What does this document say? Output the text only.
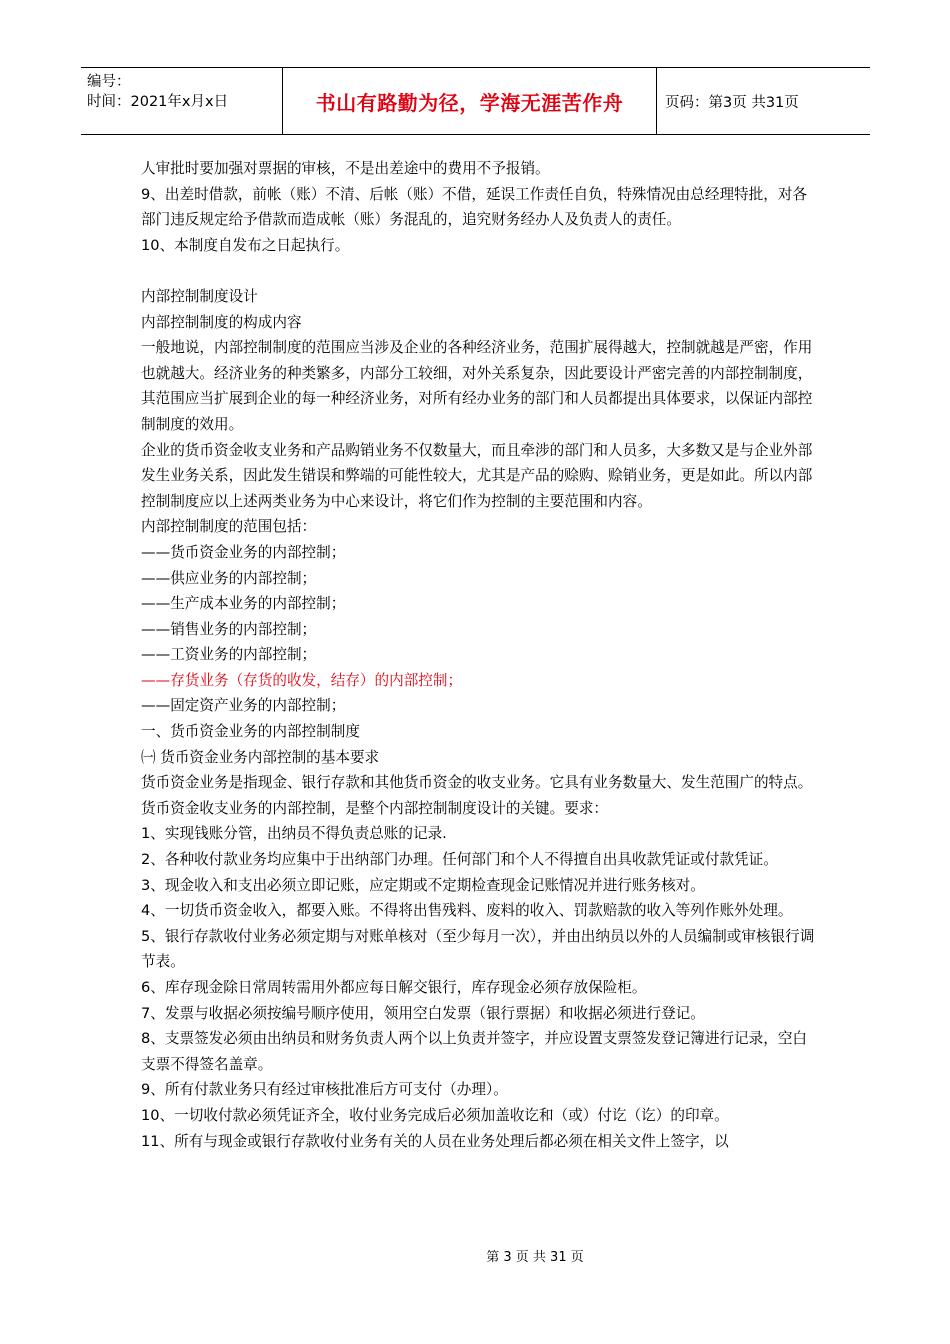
编号：
时间：2021年x月x日	书山有路勤为径，学海无涯苦作舟	页码：第3页 共31页

人审批时要加强对票据的审核，不是出差途中的费用不予报销。

9、出差时借款，前帐（账）不清、后帐（账）不借，延误工作责任自负，特殊情况由总经理特批，对各部门违反规定给予借款而造成帐（账）务混乱的，追究财务经办人及负责人的责任。

10、本制度自发布之日起执行。

内部控制制度设计

内部控制制度的构成内容

一般地说，内部控制制度的范围应当涉及企业的各种经济业务，范围扩展得越大，控制就越是严密，作用也就越大。经济业务的种类繁多，内部分工较细，对外关系复杂，因此要设计严密完善的内部控制制度，其范围应当扩展到企业的每一种经济业务，对所有经办业务的部门和人员都提出具体要求，以保证内部控制制度的效用。

企业的货币资金收支业务和产品购销业务不仅数量大，而且牵涉的部门和人员多，大多数又是与企业外部发生业务关系，因此发生错误和弊端的可能性较大，尤其是产品的赊购、赊销业务，更是如此。所以内部控制制度应以上述两类业务为中心来设计，将它们作为控制的主要范围和内容。

内部控制制度的范围包括：

——货币资金业务的内部控制；

——供应业务的内部控制；

——生产成本业务的内部控制；

——销售业务的内部控制；

——工资业务的内部控制；

——存货业务（存货的收发，结存）的内部控制；

——固定资产业务的内部控制；

一、货币资金业务的内部控制制度

㈠ 货币资金业务内部控制的基本要求

货币资金业务是指现金、银行存款和其他货币资金的收支业务。它具有业务数量大、发生范围广的特点。货币资金收支业务的内部控制，是整个内部控制制度设计的关键。要求：

1、实现钱账分管，出纳员不得负责总账的记录.

2、各种收付款业务均应集中于出纳部门办理。任何部门和个人不得擅自出具收款凭证或付款凭证。

3、现金收入和支出必须立即记账，应定期或不定期检查现金记账情况并进行账务核对。

4、一切货币资金收入，都要入账。不得将出售残料、废料的收入、罚款赔款的收入等列作账外处理。

5、银行存款收付业务必须定期与对账单核对（至少每月一次），并由出纳员以外的人员编制或审核银行调节表。

6、库存现金除日常周转需用外都应每日解交银行，库存现金必须存放保险柜。

7、发票与收据必须按编号顺序使用，领用空白发票（银行票据）和收据必须进行登记。

8、支票签发必须由出纳员和财务负责人两个以上负责并签字，并应设置支票签发登记簿进行记录，空白支票不得签名盖章。

9、所有付款业务只有经过审核批准后方可支付（办理）。

10、一切收付款必须凭证齐全，收付业务完成后必须加盖收讫和（或）付讫（讫）的印章。

11、所有与现金或银行存款收付业务有关的人员在业务处理后都必须在相关文件上签字，以

第 3 页 共 31 页
